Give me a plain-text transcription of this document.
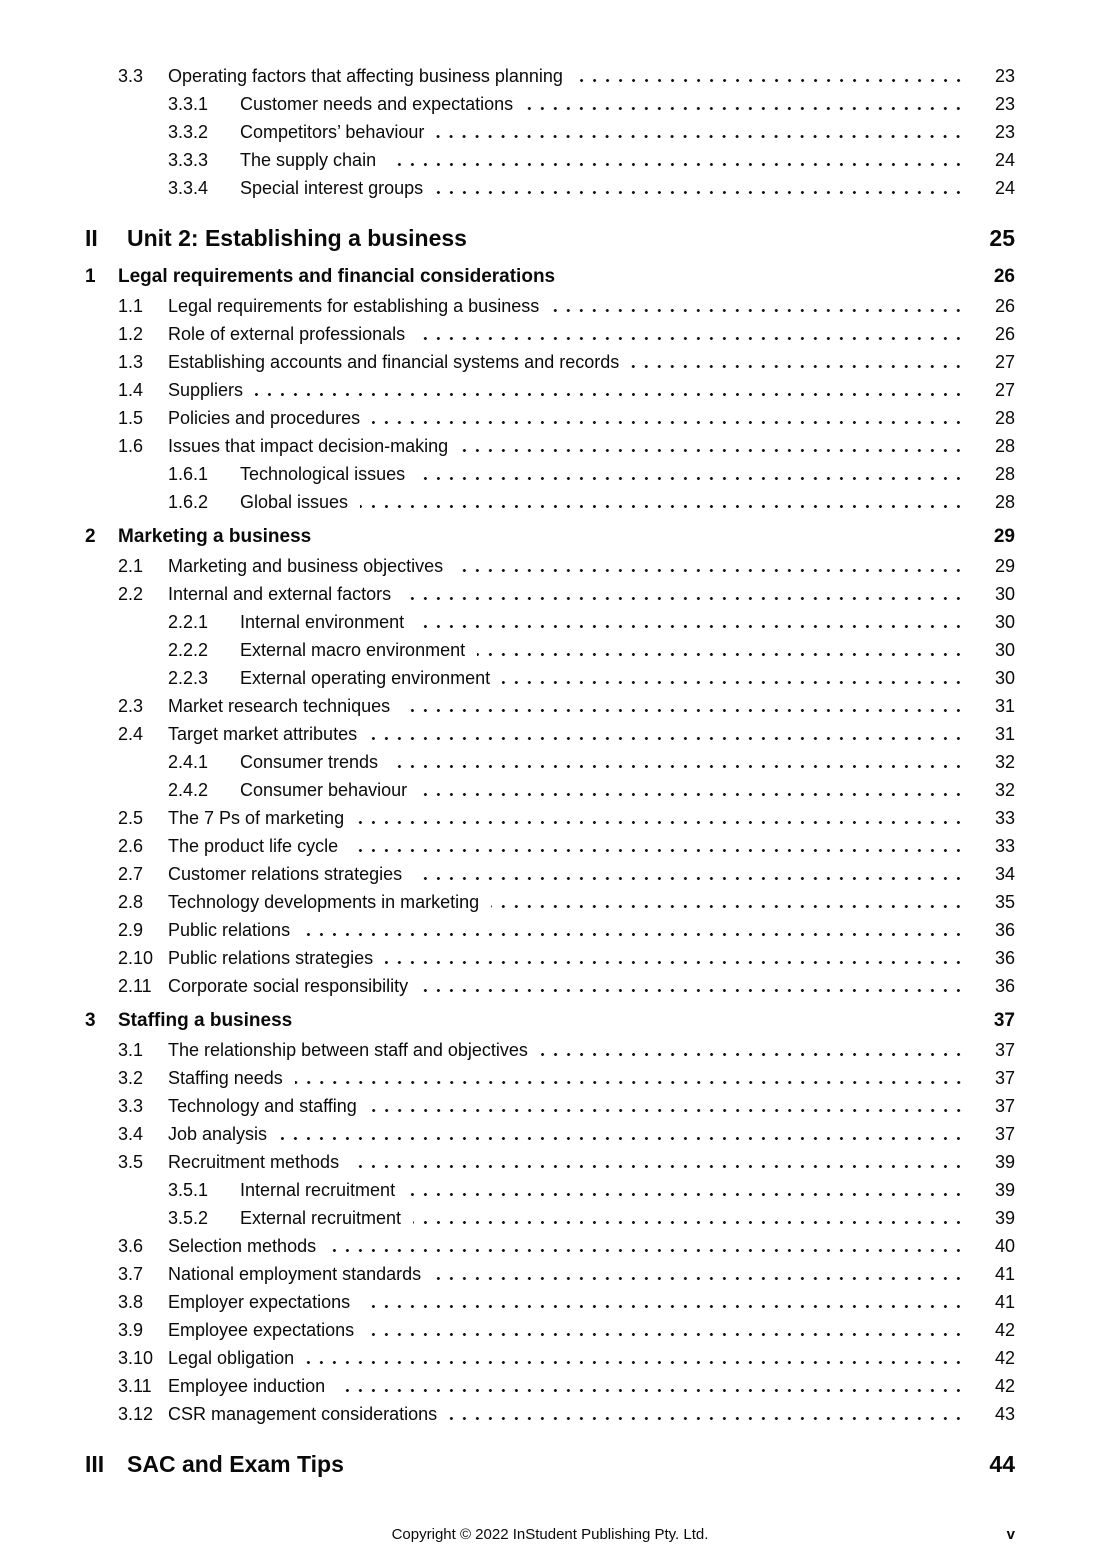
3.3	Operating factors that affecting business planning	23
3.3.1	Customer needs and expectations	23
3.3.2	Competitors’ behaviour	23
3.3.3	The supply chain	24
3.3.4	Special interest groups	24
II	Unit 2: Establishing a business	25
1	Legal requirements and financial considerations	26
1.1	Legal requirements for establishing a business	26
1.2	Role of external professionals	26
1.3	Establishing accounts and financial systems and records	27
1.4	Suppliers	27
1.5	Policies and procedures	28
1.6	Issues that impact decision-making	28
1.6.1	Technological issues	28
1.6.2	Global issues	28
2	Marketing a business	29
2.1	Marketing and business objectives	29
2.2	Internal and external factors	30
2.2.1	Internal environment	30
2.2.2	External macro environment	30
2.2.3	External operating environment	30
2.3	Market research techniques	31
2.4	Target market attributes	31
2.4.1	Consumer trends	32
2.4.2	Consumer behaviour	32
2.5	The 7 Ps of marketing	33
2.6	The product life cycle	33
2.7	Customer relations strategies	34
2.8	Technology developments in marketing	35
2.9	Public relations	36
2.10 Public relations strategies	36
2.11 Corporate social responsibility	36
3	Staffing a business	37
3.1	The relationship between staff and objectives	37
3.2	Staffing needs	37
3.3	Technology and staffing	37
3.4	Job analysis	37
3.5	Recruitment methods	39
3.5.1	Internal recruitment	39
3.5.2	External recruitment	39
3.6	Selection methods	40
3.7	National employment standards	41
3.8	Employer expectations	41
3.9	Employee expectations	42
3.10 Legal obligation	42
3.11 Employee induction	42
3.12 CSR management considerations	43
III SAC and Exam Tips	44
Copyright © 2022 InStudent Publishing Pty. Ltd.	v
